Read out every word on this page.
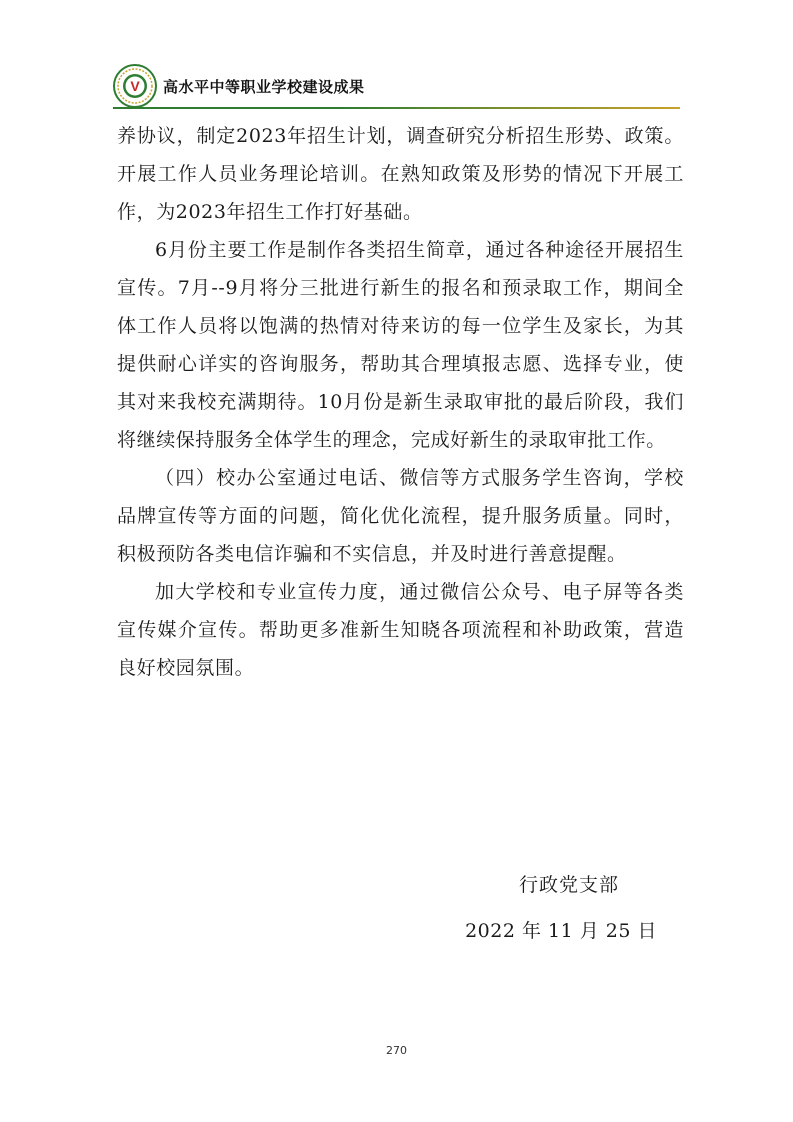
V 高水平中等职业学校建设成果

养协议，制定2023年招生计划，调查研究分析招生形势、政策。开展工作人员业务理论培训。在熟知政策及形势的情况下开展工作，为2023年招生工作打好基础。

6月份主要工作是制作各类招生简章，通过各种途径开展招生宣传。7月--9月将分三批进行新生的报名和预录取工作，期间全体工作人员将以饱满的热情对待来访的每一位学生及家长，为其提供耐心详实的咨询服务，帮助其合理填报志愿、选择专业，使其对来我校充满期待。10月份是新生录取审批的最后阶段，我们将继续保持服务全体学生的理念，完成好新生的录取审批工作。

（四）校办公室通过电话、微信等方式服务学生咨询，学校品牌宣传等方面的问题，简化优化流程，提升服务质量。同时，积极预防各类电信诈骗和不实信息，并及时进行善意提醒。

加大学校和专业宣传力度，通过微信公众号、电子屏等各类宣传媒介宣传。帮助更多准新生知晓各项流程和补助政策，营造良好校园氛围。

行政党支部
2022 年 11 月 25 日
270
